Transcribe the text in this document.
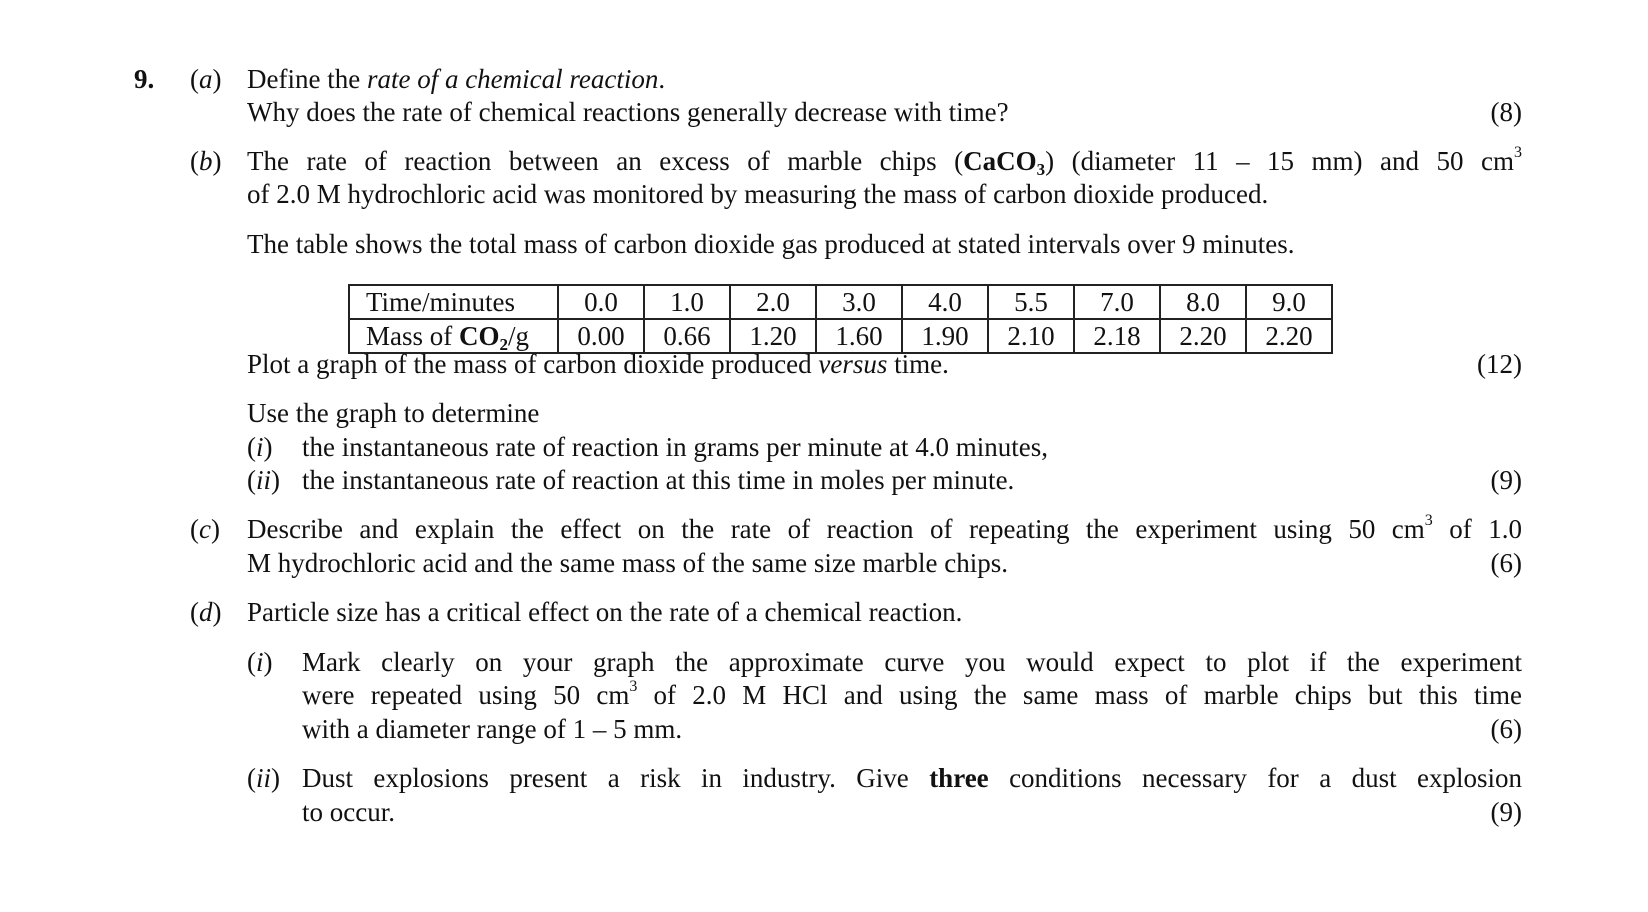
9. (a) Define the rate of a chemical reaction.
Why does the rate of chemical reactions generally decrease with time?	(8)
(b) The rate of reaction between an excess of marble chips (CaCO$_3$) (diameter 11 – 15 mm) and 50 $cm^3$
of 2.0 M hydrochloric acid was monitored by measuring the mass of carbon dioxide produced.
The table shows the total mass of carbon dioxide gas produced at stated intervals over 9 minutes.
Time/minutes	0.0	1.0	2.0	3.0	4.0	5.5	7.0	8.0	9.0
Mass of $CO_2/g$	0.00	0.66	1.20	1.60	1.90	2.10	2.18	2.20	2.20
Plot a graph of the mass of carbon dioxide produced versus time.	(12)
Use the graph to determine
(i) the instantaneous rate of reaction in grams per minute at 4.0 minutes,
(ii) the instantaneous rate of reaction at this time in moles per minute.	(9)
(c) Describe and explain the effect on the rate of reaction of repeating the experiment using 50 $cm^3$ of 1.0
M hydrochloric acid and the same mass of the same size marble chips.	(6)
(d) Particle size has a critical effect on the rate of a chemical reaction.
(i) Mark clearly on your graph the approximate curve you would expect to plot if the experiment
were repeated using 50 $cm^3$ of 2.0 M HCl and using the same mass of marble chips but this time
with a diameter range of 1 – 5 mm.	(6)
(ii) Dust explosions present a risk in industry. Give three conditions necessary for a dust explosion
to occur.	(9)
